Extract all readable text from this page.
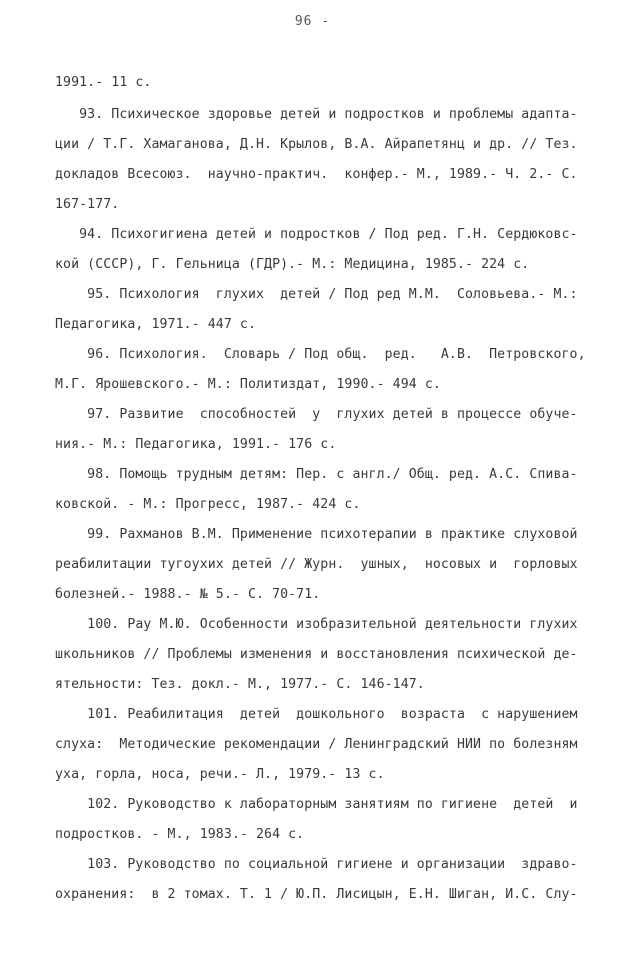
96 -
1991.- 11 с.
93. Психическое здоровье детей и подростков и проблемы адапта-
ции / Т.Г. Хамаганова, Д.Н. Крылов, В.А. Айрапетянц и др. // Тез.
докладов Всесоюз.  научно-практич.  конфер.- М., 1989.- Ч. 2.- С.
167-177.
94. Психогигиена детей и подростков / Под ред. Г.Н. Сердюковс-
кой (СССР), Г. Гельница (ГДР).- М.: Медицина, 1985.- 224 с.
95. Психология  глухих  детей / Под ред М.М.  Соловьева.- М.:
Педагогика, 1971.- 447 с.
96. Психология.  Словарь / Под общ.  ред.   А.В.  Петровского,
М.Г. Ярошевского.- М.: Политиздат, 1990.- 494 с.
97. Развитие  способностей  у  глухих детей в процессе обуче-
ния.- М.: Педагогика, 1991.- 176 с.
98. Помощь трудным детям: Пер. с англ./ Общ. ред. А.С. Спива-
ковской. - М.: Прогресс, 1987.- 424 с.
99. Рахманов В.М. Применение психотерапии в практике слуховой
реабилитации тугоухих детей // Журн.  ушных,  носовых и  горловых
болезней.- 1988.- № 5.- С. 70-71.
100. Рау М.Ю. Особенности изобразительной деятельности глухих
школьников // Проблемы изменения и восстановления психической де-
ятельности: Тез. докл.- М., 1977.- С. 146-147.
101. Реабилитация  детей  дошкольного  возраста  с нарушением
слуха:  Методические рекомендации / Ленинградский НИИ по болезням
уха, горла, носа, речи.- Л., 1979.- 13 с.
102. Руководство к лабораторным занятиям по гигиене  детей  и
подростков. - М., 1983.- 264 с.
103. Руководство по социальной гигиене и организации  здраво-
охранения:  в 2 томах. Т. 1 / Ю.П. Лисицын, Е.Н. Шиган, И.С. Слу-
